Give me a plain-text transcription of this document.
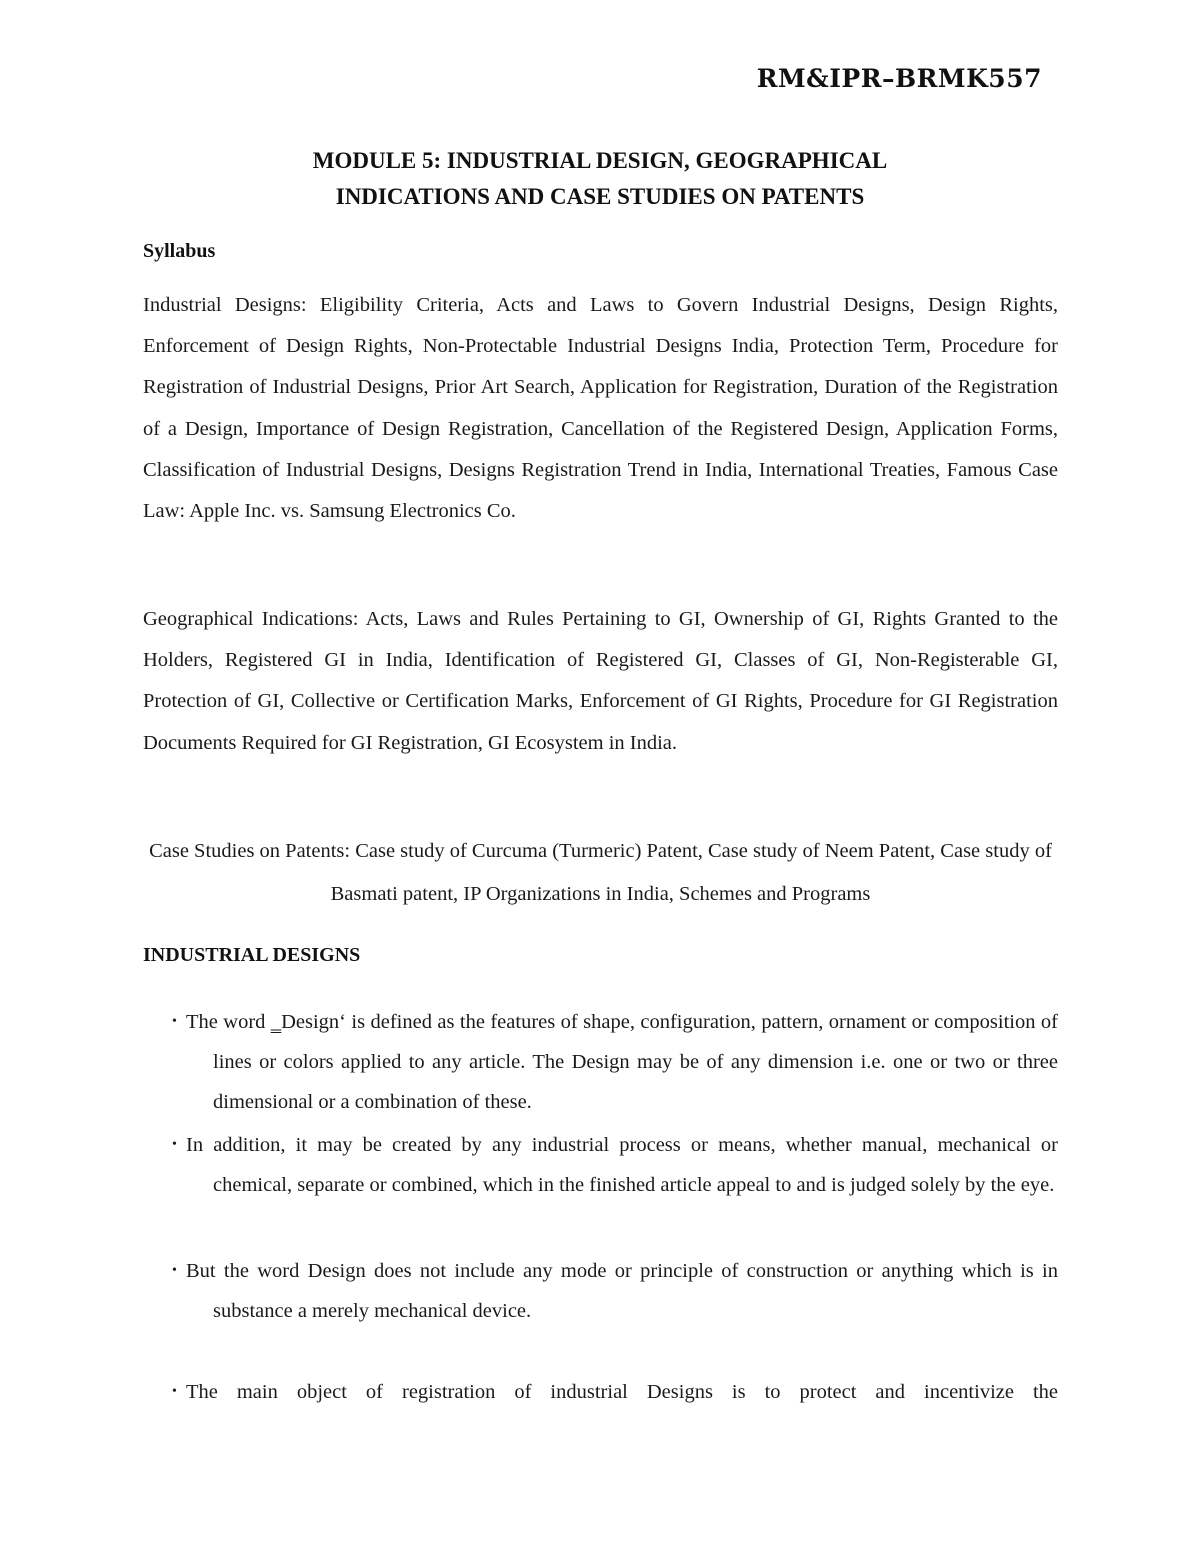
RM&IPR–BRMK557
MODULE 5: INDUSTRIAL DESIGN, GEOGRAPHICAL
INDICATIONS AND CASE STUDIES ON PATENTS
Syllabus
Industrial Designs: Eligibility Criteria, Acts and Laws to Govern Industrial Designs, Design Rights, Enforcement of Design Rights, Non-Protectable Industrial Designs India, Protection Term, Procedure for Registration of Industrial Designs, Prior Art Search, Application for Registration, Duration of the Registration of a Design, Importance of Design Registration, Cancellation of the Registered Design, Application Forms, Classification of Industrial Designs, Designs Registration Trend in India, International Treaties, Famous Case Law: Apple Inc. vs. Samsung Electronics Co.
Geographical Indications: Acts, Laws and Rules Pertaining to GI, Ownership of GI, Rights Granted to the Holders, Registered GI in India, Identification of Registered GI, Classes of GI, Non-Registerable GI, Protection of GI, Collective or Certification Marks, Enforcement of GI Rights, Procedure for GI Registration Documents Required for GI Registration, GI Ecosystem in India.
Case Studies on Patents: Case study of Curcuma (Turmeric) Patent, Case study of Neem Patent, Case study of Basmati patent, IP Organizations in India, Schemes and Programs
INDUSTRIAL DESIGNS
• The word ‗Design‘ is defined as the features of shape, configuration, pattern, ornament or composition of lines or colors applied to any article. The Design may be of any dimension i.e. one or two or three dimensional or a combination of these.
• In addition, it may be created by any industrial process or means, whether manual, mechanical or chemical, separate or combined, which in the finished article appeal to and is judged solely by the eye.
• But the word Design does not include any mode or principle of construction or anything which is in substance a merely mechanical device.
• The main object of registration of industrial Designs is to protect and incentivize the
